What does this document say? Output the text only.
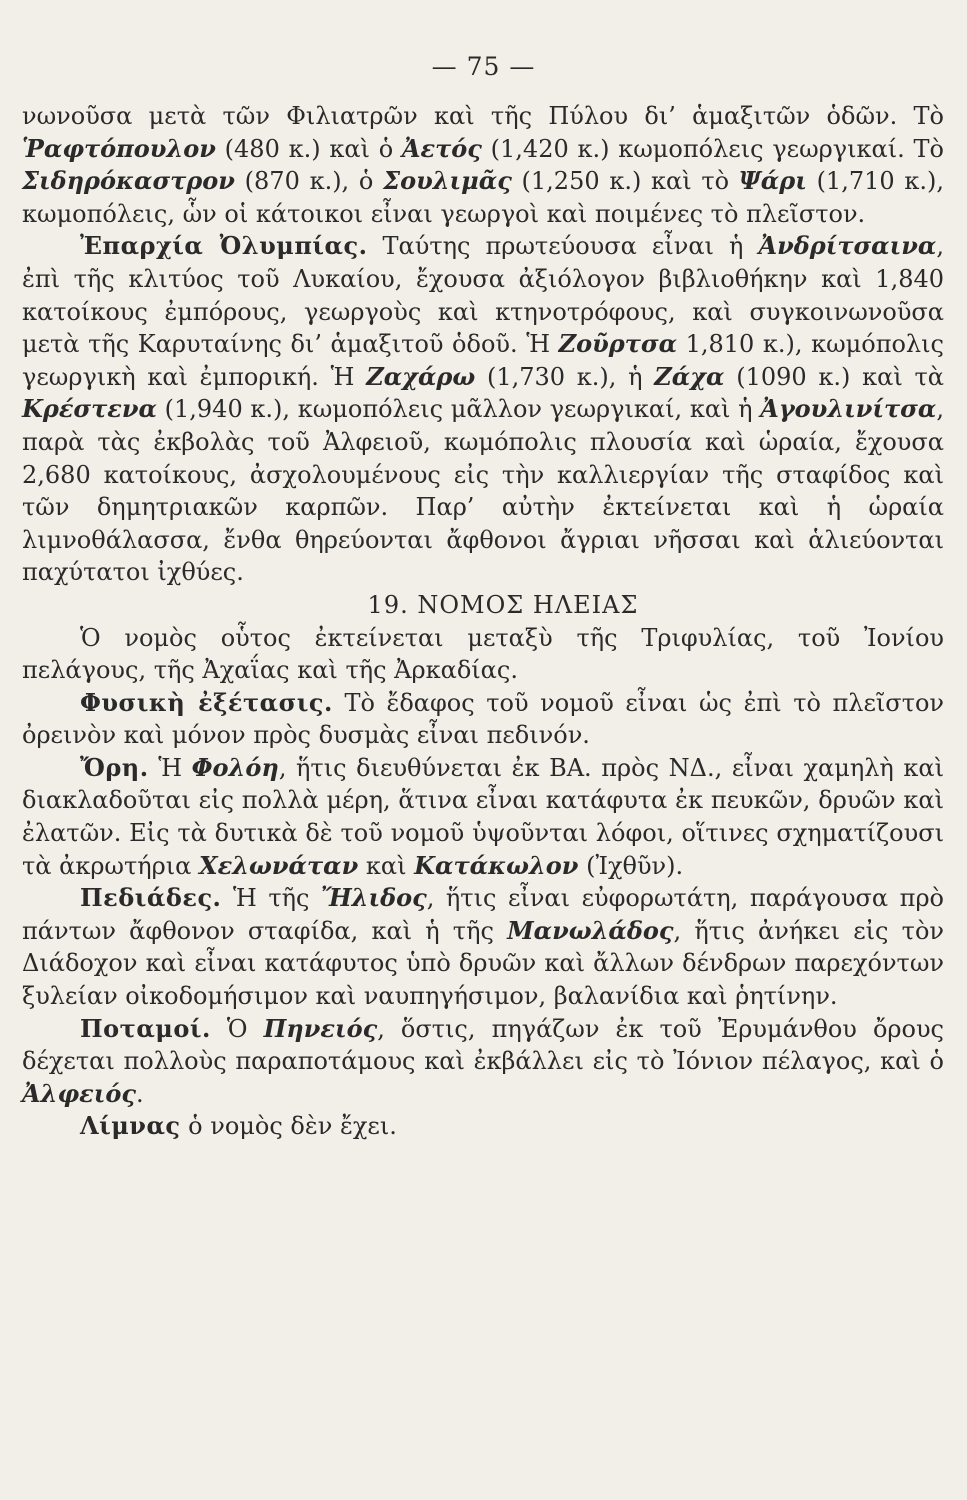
— 75 —

νωνοῦσα μετὰ τῶν Φιλιατρῶν καὶ τῆς Πύλου δι’ ἁμαξιτῶν ὁδῶν. Τὸ Ῥαφτόπουλον (480 κ.) καὶ ὁ Ἀετός (1,420 κ.) κωμοπόλεις γεωργικαί. Τὸ Σιδηρόκαστρον (870 κ.), ὁ Σουλιμᾶς (1,250 κ.) καὶ τὸ Ψάρι (1,710 κ.), κωμοπόλεις, ὧν οἱ κάτοικοι εἶναι γεωργοὶ καὶ ποιμένες τὸ πλεῖστον.

Ἐπαρχία Ὀλυμπίας. Ταύτης πρωτεύουσα εἶναι ἡ Ἀνδρίτσαινα, ἐπὶ τῆς κλιτύος τοῦ Λυκαίου, ἔχουσα ἀξιόλογον βιβλιοθήκην καὶ 1,840 κατοίκους ἐμπόρους, γεωργοὺς καὶ κτηνοτρόφους, καὶ συγκοινωνοῦσα μετὰ τῆς Καρυταίνης δι’ ἁμαξιτοῦ ὁδοῦ. Ἡ Ζοῦρτσα 1,810 κ.), κωμόπολις γεωργικὴ καὶ ἐμπορική. Ἡ Ζαχάρω (1,730 κ.), ἡ Ζάχα (1090 κ.) καὶ τὰ Κρέστενα (1,940 κ.), κωμοπόλεις μᾶλλον γεωργικαί, καὶ ἡ Ἀγουλινίτσα, παρὰ τὰς ἐκβολὰς τοῦ Ἀλφειοῦ, κωμόπολις πλουσία καὶ ὡραία, ἔχουσα 2,680 κατοίκους, ἀσχολουμένους εἰς τὴν καλλιεργίαν τῆς σταφίδος καὶ τῶν δημητριακῶν καρπῶν. Παρ’ αὐτὴν ἐκτείνεται καὶ ἡ ὡραία λιμνοθάλασσα, ἔνθα θηρεύονται ἄφθονοι ἄγριαι νῆσσαι καὶ ἁλιεύονται παχύτατοι ἰχθύες.

19. ΝΟΜΟΣ ΗΛΕΙΑΣ

Ὁ νομὸς οὗτος ἐκτείνεται μεταξὺ τῆς Τριφυλίας, τοῦ Ἰονίου πελάγους, τῆς Ἀχαΐας καὶ τῆς Ἀρκαδίας.

Φυσικὴ ἐξέτασις. Τὸ ἔδαφος τοῦ νομοῦ εἶναι ὡς ἐπὶ τὸ πλεῖστον ὀρεινὸν καὶ μόνον πρὸς δυσμὰς εἶναι πεδινόν.

Ὄρη. Ἡ Φολόη, ἥτις διευθύνεται ἐκ ΒΑ. πρὸς ΝΔ., εἶναι χαμηλὴ καὶ διακλαδοῦται εἰς πολλὰ μέρη, ἅτινα εἶναι κατάφυτα ἐκ πευκῶν, δρυῶν καὶ ἐλατῶν. Εἰς τὰ δυτικὰ δὲ τοῦ νομοῦ ὑψοῦνται λόφοι, οἵτινες σχηματίζουσι τὰ ἀκρωτήρια Χελωνάταν καὶ Κατάκωλον (Ἰχθῦν).

Πεδιάδες. Ἡ τῆς Ἤλιδος, ἥτις εἶναι εὐφορωτάτη, παράγουσα πρὸ πάντων ἄφθονον σταφίδα, καὶ ἡ τῆς Μανωλάδος, ἥτις ἀνήκει εἰς τὸν Διάδοχον καὶ εἶναι κατάφυτος ὑπὸ δρυῶν καὶ ἄλλων δένδρων παρεχόντων ξυλείαν οἰκοδομήσιμον καὶ ναυπηγήσιμον, βαλανίδια καὶ ῥητίνην.

Ποταμοί. Ὁ Πηνειός, ὅστις, πηγάζων ἐκ τοῦ Ἐρυμάνθου ὄρους δέχεται πολλοὺς παραποτάμους καὶ ἐκβάλλει εἰς τὸ Ἰόνιον πέλαγος, καὶ ὁ Ἀλφειός.

Λίμνας ὁ νομὸς δὲν ἔχει.
